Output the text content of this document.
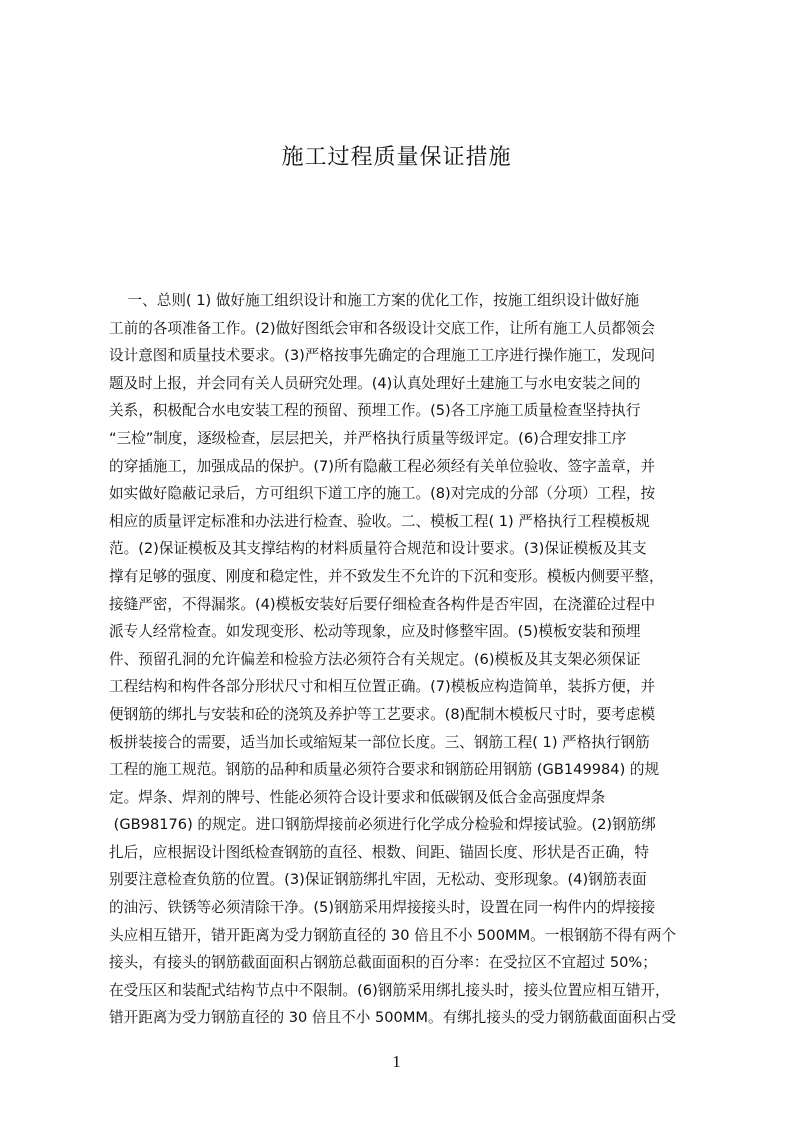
施工过程质量保证措施
一、总则( 1) 做好施工组织设计和施工方案的优化工作，按施工组织设计做好施
工前的各项准备工作。(2)做好图纸会审和各级设计交底工作，让所有施工人员都领会
设计意图和质量技术要求。(3)严格按事先确定的合理施工工序进行操作施工，发现问
题及时上报，并会同有关人员研究处理。(4)认真处理好土建施工与水电安装之间的
关系，积极配合水电安装工程的预留、预埋工作。(5)各工序施工质量检查坚持执行
“三检”制度，逐级检查，层层把关，并严格执行质量等级评定。(6)合理安排工序
的穿插施工，加强成品的保护。(7)所有隐蔽工程必须经有关单位验收、签字盖章，并
如实做好隐蔽记录后，方可组织下道工序的施工。(8)对完成的分部（分项）工程，按
相应的质量评定标准和办法进行检查、验收。二、模板工程( 1) 严格执行工程模板规
范。(2)保证模板及其支撑结构的材料质量符合规范和设计要求。(3)保证模板及其支
撑有足够的强度、刚度和稳定性，并不致发生不允许的下沉和变形。模板内侧要平整，
接缝严密，不得漏浆。(4)模板安装好后要仔细检查各构件是否牢固，在浇灌砼过程中
派专人经常检查。如发现变形、松动等现象，应及时修整牢固。(5)模板安装和预埋
件、预留孔洞的允许偏差和检验方法必须符合有关规定。(6)模板及其支架必须保证
工程结构和构件各部分形状尺寸和相互位置正确。(7)模板应构造简单，装拆方便，并
便钢筋的绑扎与安装和砼的浇筑及养护等工艺要求。(8)配制木模板尺寸时，要考虑模
板拼装接合的需要，适当加长或缩短某一部位长度。三、钢筋工程( 1) 严格执行钢筋
工程的施工规范。钢筋的品种和质量必须符合要求和钢筋砼用钢筋 (GB149984) 的规
定。焊条、焊剂的牌号、性能必须符合设计要求和低碳钢及低合金高强度焊条
(GB98176) 的规定。进口钢筋焊接前必须进行化学成分检验和焊接试验。(2)钢筋绑
扎后，应根据设计图纸检查钢筋的直径、根数、间距、锚固长度、形状是否正确，特
别要注意检查负筋的位置。(3)保证钢筋绑扎牢固，无松动、变形现象。(4)钢筋表面
的油污、铁锈等必须清除干净。(5)钢筋采用焊接接头时，设置在同一构件内的焊接接
头应相互错开，错开距离为受力钢筋直径的 30 倍且不小 500MM。一根钢筋不得有两个
接头，有接头的钢筋截面面积占钢筋总截面面积的百分率：在受拉区不宜超过 50%；
在受压区和装配式结构节点中不限制。(6)钢筋采用绑扎接头时，接头位置应相互错开，
错开距离为受力钢筋直径的 30 倍且不小 500MM。有绑扎接头的受力钢筋截面面积占受
1
